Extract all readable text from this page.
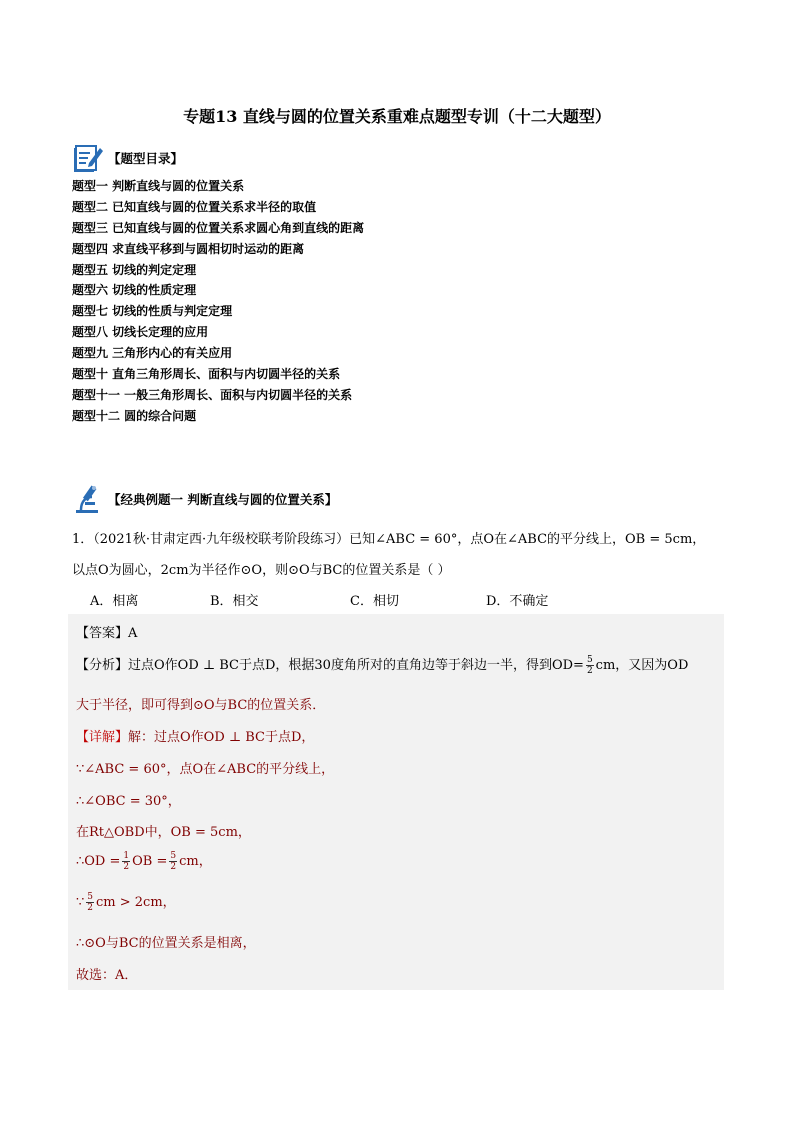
专题13 直线与圆的位置关系重难点题型专训（十二大题型）
【题型目录】
题型一 判断直线与圆的位置关系
题型二 已知直线与圆的位置关系求半径的取值
题型三 已知直线与圆的位置关系求圆心角到直线的距离
题型四 求直线平移到与圆相切时运动的距离
题型五 切线的判定定理
题型六 切线的性质定理
题型七 切线的性质与判定定理
题型八 切线长定理的应用
题型九 三角形内心的有关应用
题型十 直角三角形周长、面积与内切圆半径的关系
题型十一 一般三角形周长、面积与内切圆半径的关系
题型十二 圆的综合问题
【经典例题一 判断直线与圆的位置关系】
1．（2021秋·甘肃定西·九年级校联考阶段练习）已知∠ABC = 60°，点O在∠ABC的平分线上，OB = 5cm，
以点O为圆心，2cm为半径作⊙O，则⊙O与BC的位置关系是（ ）
A．相离	B．相交	C．相切	D．不确定
【答案】A
【分析】过点O作OD ⊥ BC于点D，根据30度角所对的直角边等于斜边一半，得到$OD= \frac{5}{2}$ cm，又因为OD
大于半径，即可得到⊙O与BC的位置关系．
【详解】解：过点O作OD ⊥ BC于点D，
∵∠ABC = 60°，点O在∠ABC的平分线上，
∴∠OBC = 30°，
在Rt△OBD中，OB = 5cm，
∴OD = $\frac{1}{2}$ OB = $\frac{5}{2}$ cm，
∵ $\frac{5}{2}$ cm > 2cm，
∴⊙O与BC的位置关系是相离，
故选：A．
